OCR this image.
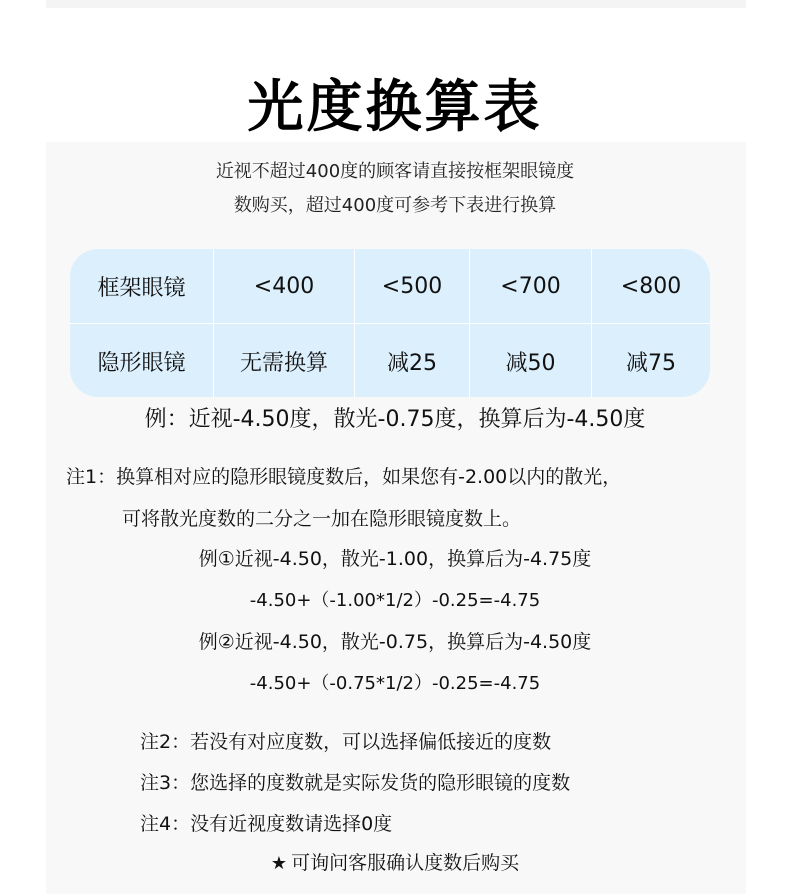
光度换算表
近视不超过400度的顾客请直接按框架眼镜度
数购买，超过400度可参考下表进行换算
框架眼镜	<400	<500	<700	<800
隐形眼镜	无需换算	减25	减50	减75
例：近视-4.50度，散光-0.75度，换算后为-4.50度
注1：换算相对应的隐形眼镜度数后，如果您有-2.00以内的散光，
可将散光度数的二分之一加在隐形眼镜度数上。
例①近视-4.50，散光-1.00，换算后为-4.75度
-4.50+（-1.00*1/2）-0.25=-4.75
例②近视-4.50，散光-0.75，换算后为-4.50度
-4.50+（-0.75*1/2）-0.25=-4.75
注2：若没有对应度数，可以选择偏低接近的度数
注3：您选择的度数就是实际发货的隐形眼镜的度数
注4：没有近视度数请选择0度
★ 可询问客服确认度数后购买
